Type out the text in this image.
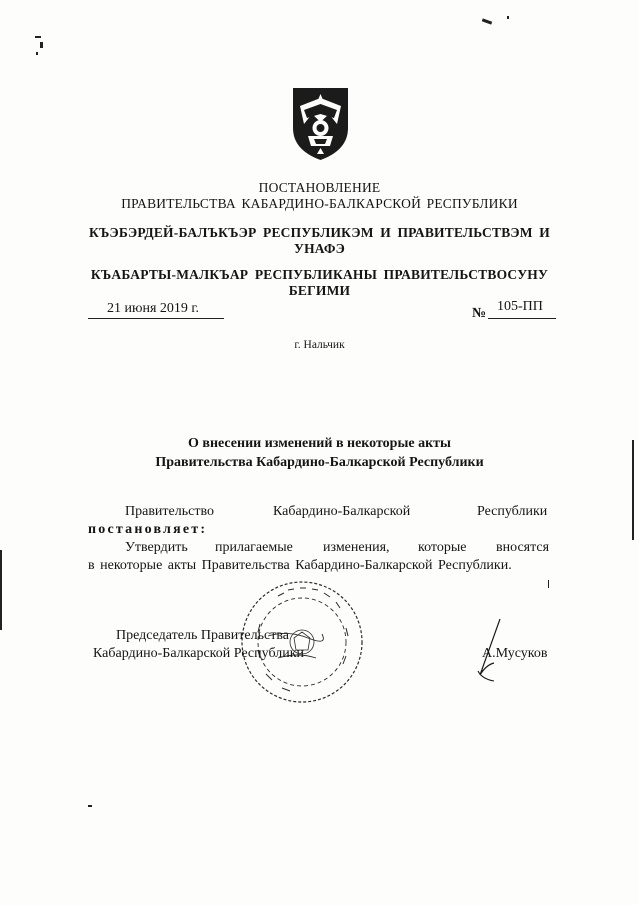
ПОСТАНОВЛЕНИЕ
ПРАВИТЕЛЬСТВА КАБАРДИНО-БАЛКАРСКОЙ РЕСПУБЛИКИ
КЪЭБЭРДЕЙ-БАЛЪКЪЭР РЕСПУБЛИКЭМ И ПРАВИТЕЛЬСТВЭМ И
УНАФЭ
КЪАБАРТЫ-МАЛКЪАР РЕСПУБЛИКАНЫ ПРАВИТЕЛЬСТВОСУНУ
БЕГИМИ
21 июня 2019 г.	№ 105-ПП
г. Нальчик
О внесении изменений в некоторые акты
Правительства Кабардино-Балкарской Республики
Правительство	Кабардино-Балкарской	Республики
постановляет:
Утвердить прилагаемые изменения, которые вносятся
в некоторые акты Правительства Кабардино-Балкарской Республики.
Председатель Правительства
Кабардино-Балкарской Республики	А.Мусуков
